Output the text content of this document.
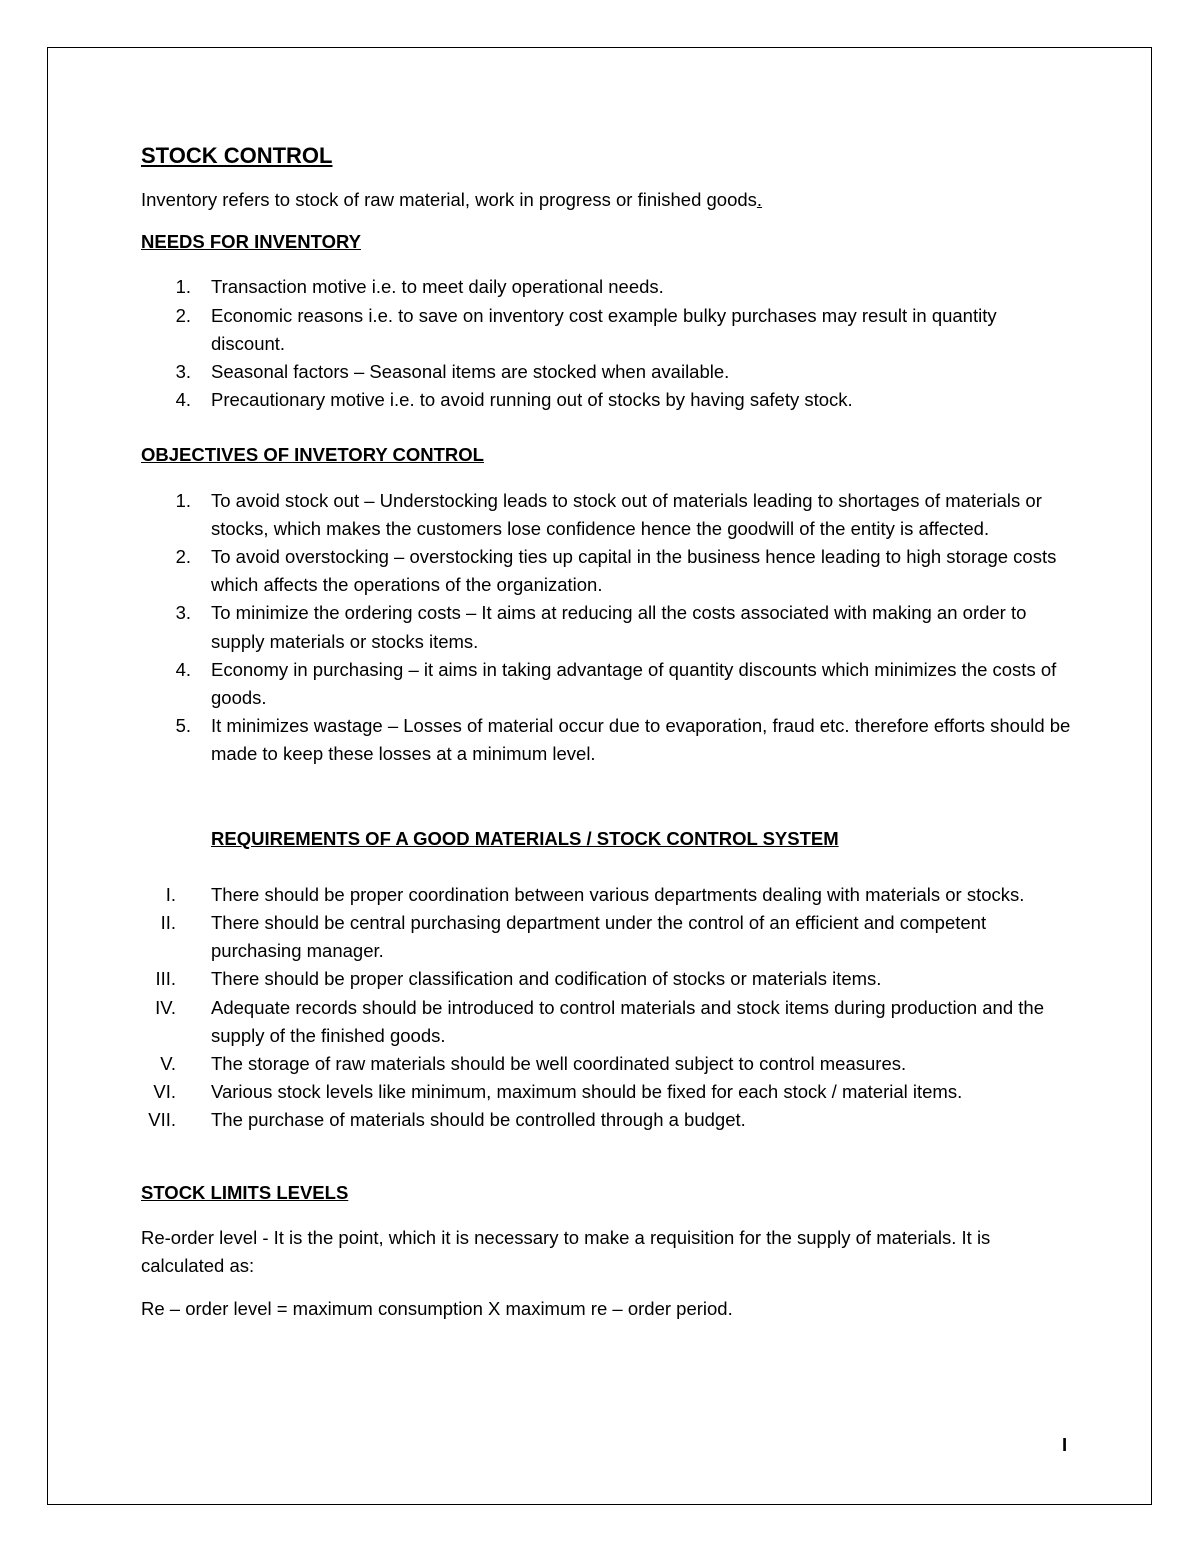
STOCK CONTROL

Inventory refers to stock of raw material, work in progress or finished goods.

NEEDS FOR INVENTORY

1. Transaction motive i.e. to meet daily operational needs.
2. Economic reasons i.e. to save on inventory cost example bulky purchases may result in quantity discount.
3. Seasonal factors – Seasonal items are stocked when available.
4. Precautionary motive i.e. to avoid running out of stocks by having safety stock.

OBJECTIVES OF INVETORY CONTROL

1. To avoid stock out – Understocking leads to stock out of materials leading to shortages of materials or stocks, which makes the customers lose confidence hence the goodwill of the entity is affected.
2. To avoid overstocking – overstocking ties up capital in the business hence leading to high storage costs which affects the operations of the organization.
3. To minimize the ordering costs – It aims at reducing all the costs associated with making an order to supply materials or stocks items.
4. Economy in purchasing – it aims in taking advantage of quantity discounts which minimizes the costs of goods.
5. It minimizes wastage – Losses of material occur due to evaporation, fraud etc. therefore efforts should be made to keep these losses at a minimum level.

REQUIREMENTS OF A GOOD MATERIALS / STOCK CONTROL SYSTEM

I. There should be proper coordination between various departments dealing with materials or stocks.
II. There should be central purchasing department under the control of an efficient and competent purchasing manager.
III. There should be proper classification and codification of stocks or materials items.
IV. Adequate records should be introduced to control materials and stock items during production and the supply of the finished goods.
V. The storage of raw materials should be well coordinated subject to control measures.
VI. Various stock levels like minimum, maximum should be fixed for each stock / material items.
VII. The purchase of materials should be controlled through a budget.

STOCK LIMITS LEVELS

Re-order level - It is the point, which it is necessary to make a requisition for the supply of materials. It is calculated as:

Re – order level = maximum consumption X maximum re – order period.

I
